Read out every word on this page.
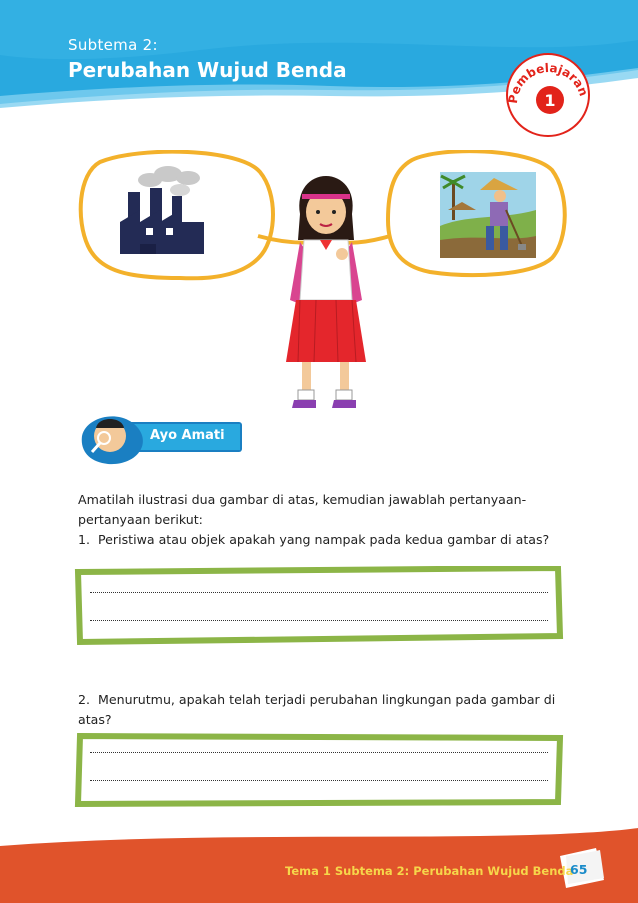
Subtema 2:
Perubahan Wujud Benda
Pembelajaran
1
Ayo Amati
Amatilah ilustrasi dua gambar di atas, kemudian jawablah pertanyaan-pertanyaan berikut:
1. Peristiwa atau objek apakah yang nampak pada kedua gambar di atas?
2. Menurutmu, apakah telah terjadi perubahan lingkungan pada gambar di atas?
Tema 1 Subtema 2: Perubahan Wujud Benda
65
